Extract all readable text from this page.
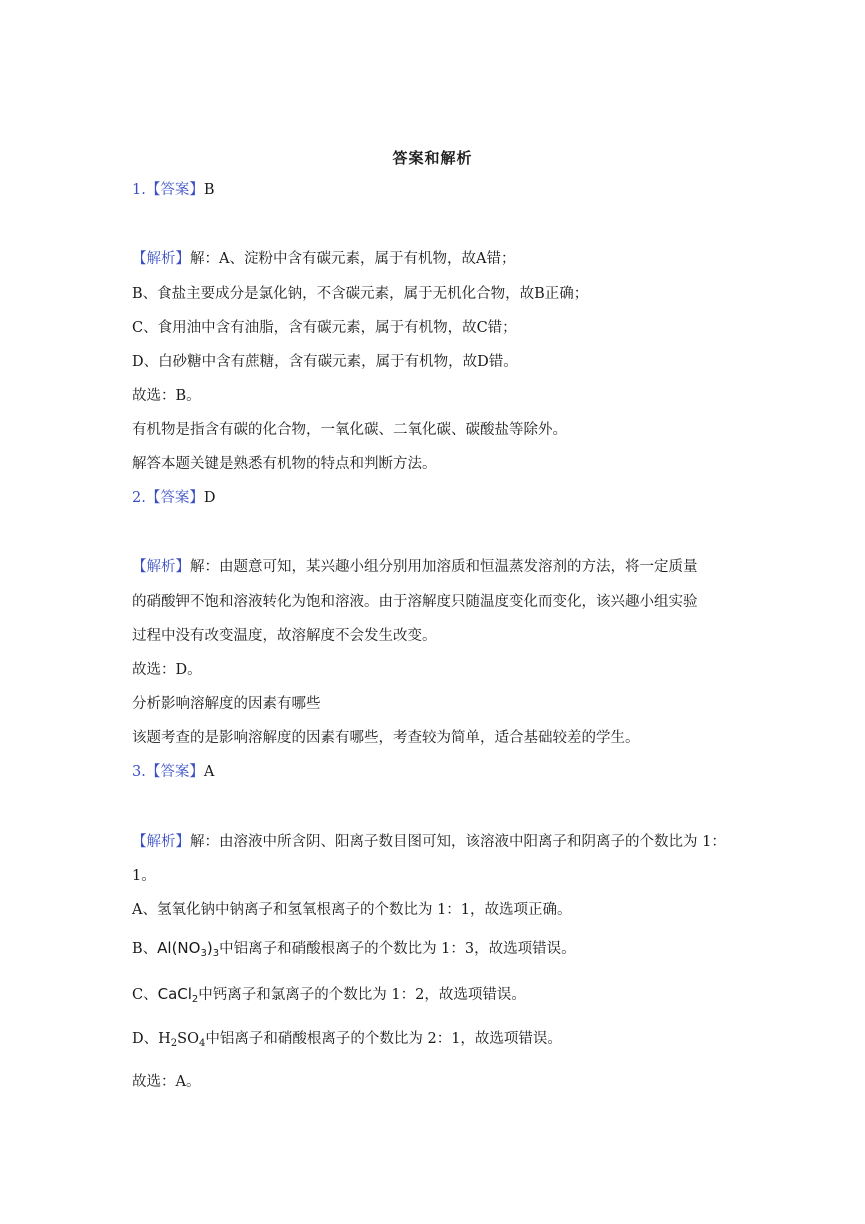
答案和解析
1.【答案】B
【解析】解：A、淀粉中含有碳元素，属于有机物，故A错；
B、食盐主要成分是氯化钠，不含碳元素，属于无机化合物，故B正确；
C、食用油中含有油脂，含有碳元素，属于有机物，故C错；
D、白砂糖中含有蔗糖，含有碳元素，属于有机物，故D错。
故选：B。
有机物是指含有碳的化合物，一氧化碳、二氧化碳、碳酸盐等除外。
解答本题关键是熟悉有机物的特点和判断方法。
2.【答案】D
【解析】解：由题意可知，某兴趣小组分别用加溶质和恒温蒸发溶剂的方法，将一定质量
的硝酸钾不饱和溶液转化为饱和溶液。由于溶解度只随温度变化而变化，该兴趣小组实验
过程中没有改变温度，故溶解度不会发生改变。
故选：D。
分析影响溶解度的因素有哪些
该题考查的是影响溶解度的因素有哪些，考查较为简单，适合基础较差的学生。
3.【答案】A
【解析】解：由溶液中所含阴、阳离子数目图可知，该溶液中阳离子和阴离子的个数比为 1：
1。
A、氢氧化钠中钠离子和氢氧根离子的个数比为 1：1，故选项正确。
B、$Al(NO_3)_3$中铝离子和硝酸根离子的个数比为 1：3，故选项错误。
C、CaCl$_2$中钙离子和氯离子的个数比为 1：2，故选项错误。
D、$H_2SO_4$中铝离子和硝酸根离子的个数比为 2：1，故选项错误。
故选：A。
